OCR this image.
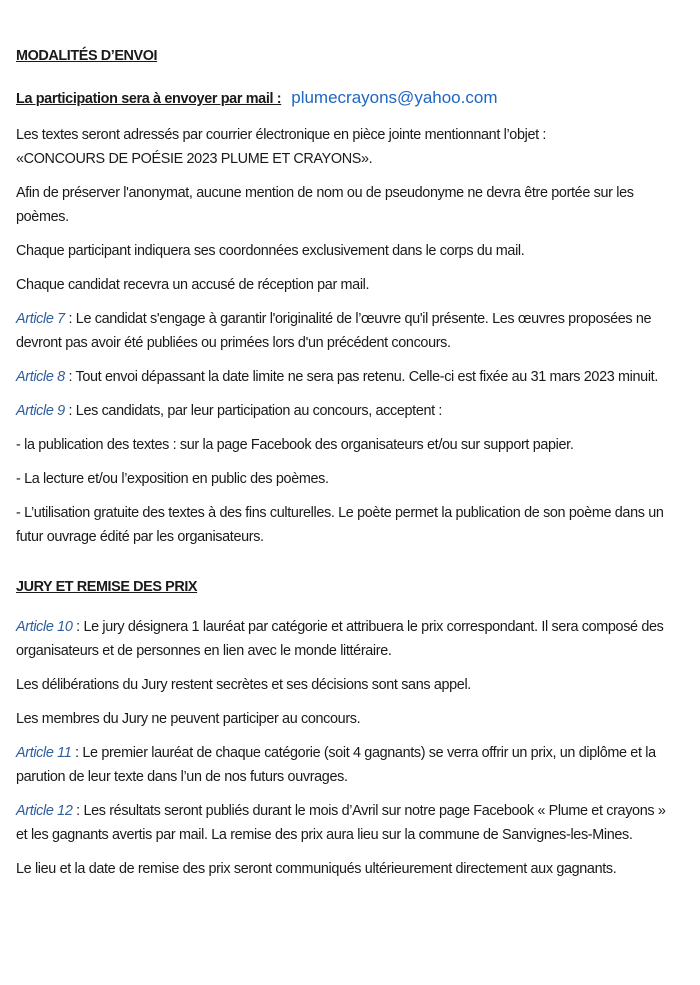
MODALITÉS D’ENVOI

La participation sera à envoyer par mail : plumecrayons@yahoo.com

Les textes seront adressés par courrier électronique en pièce jointe mentionnant l’objet :
«CONCOURS DE POÉSIE 2023 PLUME ET CRAYONS».

Afin de préserver l'anonymat, aucune mention de nom ou de pseudonyme ne devra être portée sur les poèmes.

Chaque participant indiquera ses coordonnées exclusivement dans le corps du mail.

Chaque candidat recevra un accusé de réception par mail.

Article 7 : Le candidat s'engage à garantir l'originalité de l’œuvre qu'il présente. Les œuvres proposées ne devront pas avoir été publiées ou primées lors d'un précédent concours.

Article 8 : Tout envoi dépassant la date limite ne sera pas retenu. Celle-ci est fixée au 31 mars 2023 minuit.

Article 9 : Les candidats, par leur participation au concours, acceptent :

- la publication des textes : sur la page Facebook des organisateurs et/ou sur support papier.

- La lecture et/ou l’exposition en public des poèmes.

- L’utilisation gratuite des textes à des fins culturelles. Le poète permet la publication de son poème dans un futur ouvrage édité par les organisateurs.

JURY ET REMISE DES PRIX

Article 10 : Le jury désignera 1 lauréat par catégorie et attribuera le prix correspondant. Il sera composé des organisateurs et de personnes en lien avec le monde littéraire.

Les délibérations du Jury restent secrètes et ses décisions sont sans appel.

Les membres du Jury ne peuvent participer au concours.

Article 11 : Le premier lauréat de chaque catégorie (soit 4 gagnants) se verra offrir un prix, un diplôme et la parution de leur texte dans l’un de nos futurs ouvrages.

Article 12 : Les résultats seront publiés durant le mois d’Avril sur notre page Facebook « Plume et crayons » et les gagnants avertis par mail. La remise des prix aura lieu sur la commune de Sanvignes-les-Mines.

Le lieu et la date de remise des prix seront communiqués ultérieurement directement aux gagnants.
